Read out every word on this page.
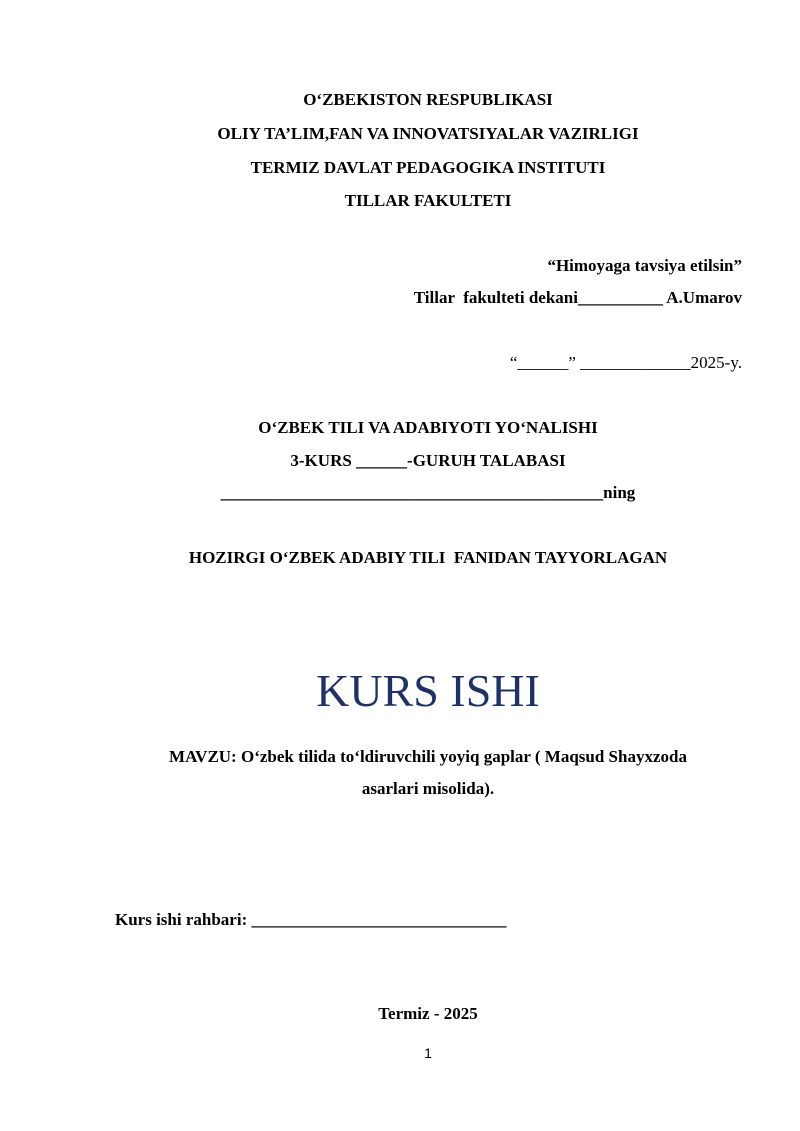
O‘ZBEKISTON RESPUBLIKASI
OLIY TA’LIM,FAN VA INNOVATSIYALAR VAZIRLIGI
TERMIZ DAVLAT PEDAGOGIKA INSTITUTI
TILLAR FAKULTETI
“Himoyaga tavsiya etilsin”
Tillar  fakulteti dekani__________ A.Umarov
“______” _____________2025-y.
O‘ZBEK TILI VA ADABIYOTI YO‘NALISHI
3-KURS ______-GURUH TALABASI
_____________________________________________ning
HOZIRGI O‘ZBEK ADABIY TILI  FANIDAN TAYYORLAGAN
KURS ISHI
MAVZU: O‘zbek tilida to‘ldiruvchili yoyiq gaplar ( Maqsud Shayxzoda
asarlari misolida).
Kurs ishi rahbari: ______________________________
Termiz - 2025
1
